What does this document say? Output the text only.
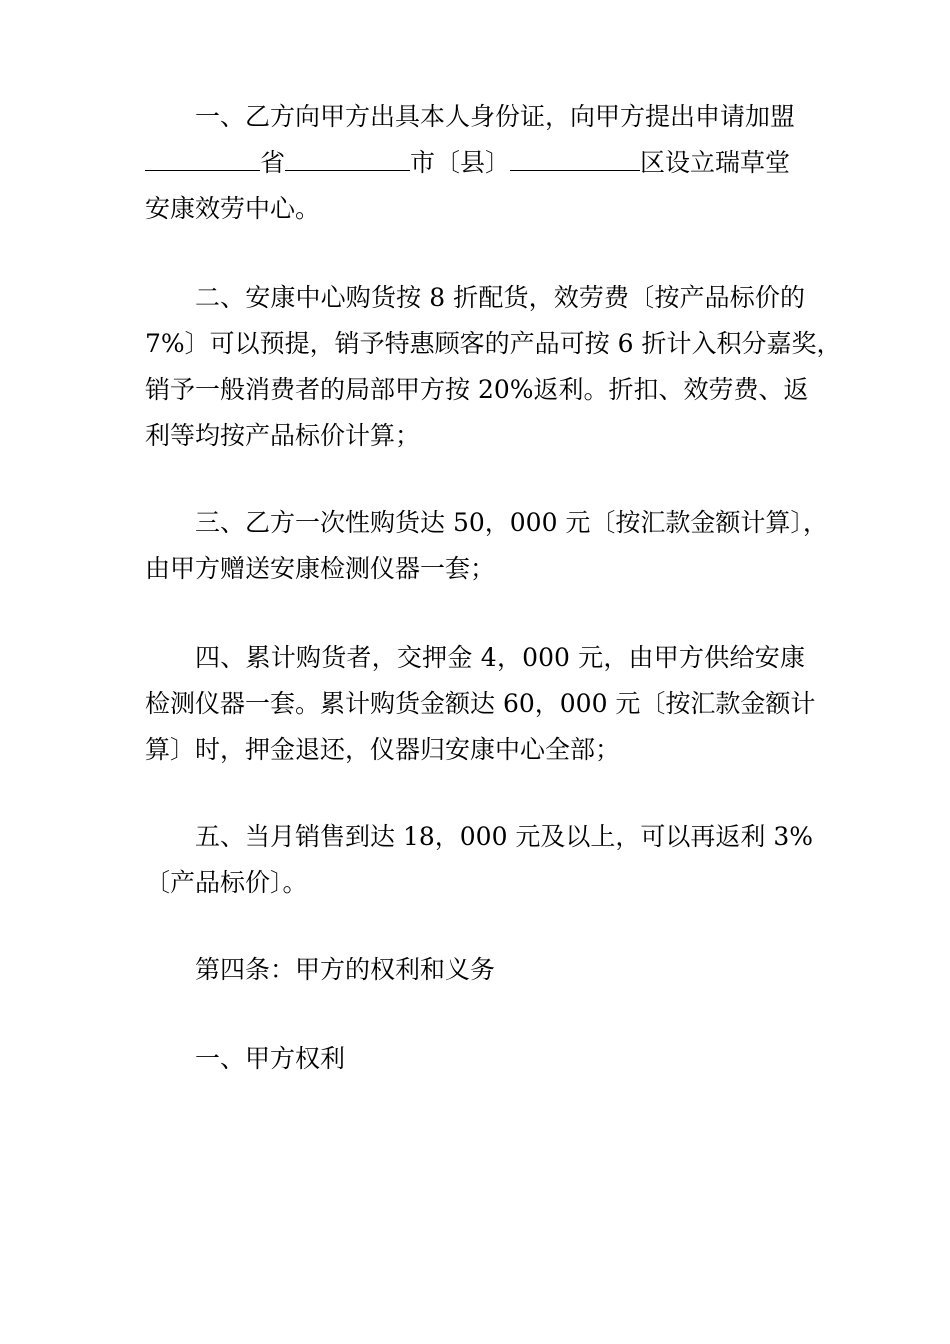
一、乙方向甲方出具本人身份证，向甲方提出申请加盟
省	市〔县〕	区设立瑞草堂
安康效劳中心。
二、安康中心购货按 8 折配货，效劳费〔按产品标价的
7%〕可以预提，销予特惠顾客的产品可按 6 折计入积分嘉奖，
销予一般消费者的局部甲方按 20%返利。折扣、效劳费、返
利等均按产品标价计算；
三、乙方一次性购货达 50，000 元〔按汇款金额计算〕，
由甲方赠送安康检测仪器一套；
四、累计购货者，交押金 4，000 元，由甲方供给安康
检测仪器一套。累计购货金额达 60，000 元〔按汇款金额计
算〕时，押金退还，仪器归安康中心全部；
五、当月销售到达 18，000 元及以上，可以再返利 3%
〔产品标价〕。
第四条：甲方的权利和义务
一、甲方权利
